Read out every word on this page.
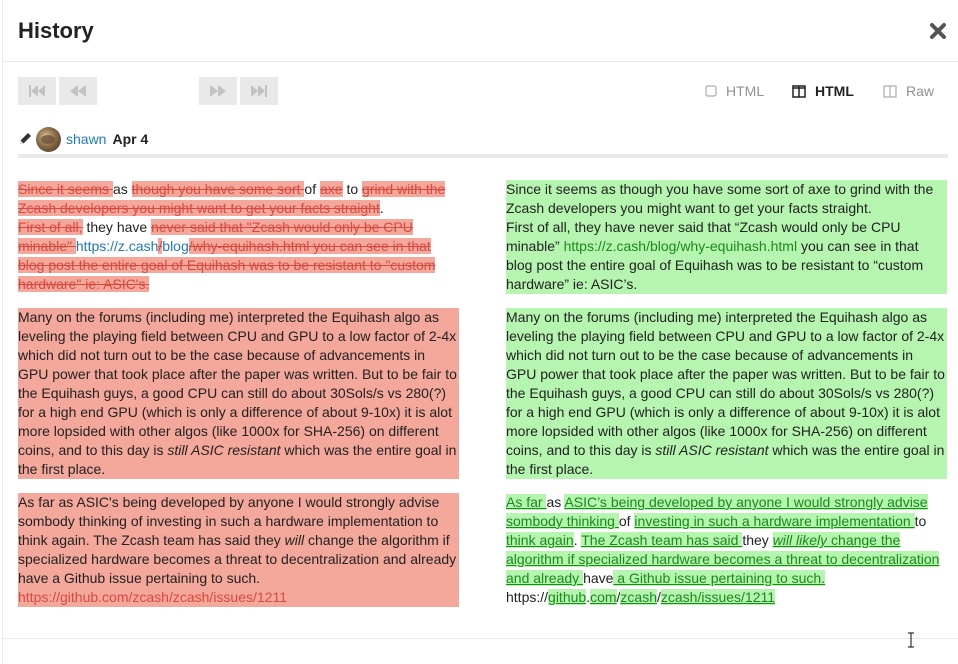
History
HTML	HTML	Raw
shawn Apr 4

Since it seems as though you have some sort of axe to grind with the Zcash developers you might want to get your facts straight.
First of all, they have never said that "Zcash would only be CPU minable" https://z.cash/blog/why-equihash.html you can see in that blog post the entire goal of Equihash was to be resistant to "custom hardware" ie: ASIC's.

Many on the forums (including me) interpreted the Equihash algo as leveling the playing field between CPU and GPU to a low factor of 2-4x which did not turn out to be the case because of advancements in GPU power that took place after the paper was written. But to be fair to the Equihash guys, a good CPU can still do about 30Sols/s vs 280(?) for a high end GPU (which is only a difference of about 9-10x) it is alot more lopsided with other algos (like 1000x for SHA-256) on different coins, and to this day is still ASIC resistant which was the entire goal in the first place.

As far as ASIC's being developed by anyone I would strongly advise sombody thinking of investing in such a hardware implementation to think again. The Zcash team has said they will change the algorithm if specialized hardware becomes a threat to decentralization and already have a Github issue pertaining to such.
https://github.com/zcash/zcash/issues/1211

Since it seems as though you have some sort of axe to grind with the Zcash developers you might want to get your facts straight.
First of all, they have never said that “Zcash would only be CPU minable” https://z.cash/blog/why-equihash.html you can see in that blog post the entire goal of Equihash was to be resistant to “custom hardware” ie: ASIC’s.

Many on the forums (including me) interpreted the Equihash algo as leveling the playing field between CPU and GPU to a low factor of 2-4x which did not turn out to be the case because of advancements in GPU power that took place after the paper was written. But to be fair to the Equihash guys, a good CPU can still do about 30Sols/s vs 280(?) for a high end GPU (which is only a difference of about 9-10x) it is alot more lopsided with other algos (like 1000x for SHA-256) on different coins, and to this day is still ASIC resistant which was the entire goal in the first place.

As far as ASIC’s being developed by anyone I would strongly advise sombody thinking of investing in such a hardware implementation to think again. The Zcash team has said they will likely change the algorithm if specialized hardware becomes a threat to decentralization and already have a Github issue pertaining to such.
https://github.com/zcash/zcash/issues/1211
